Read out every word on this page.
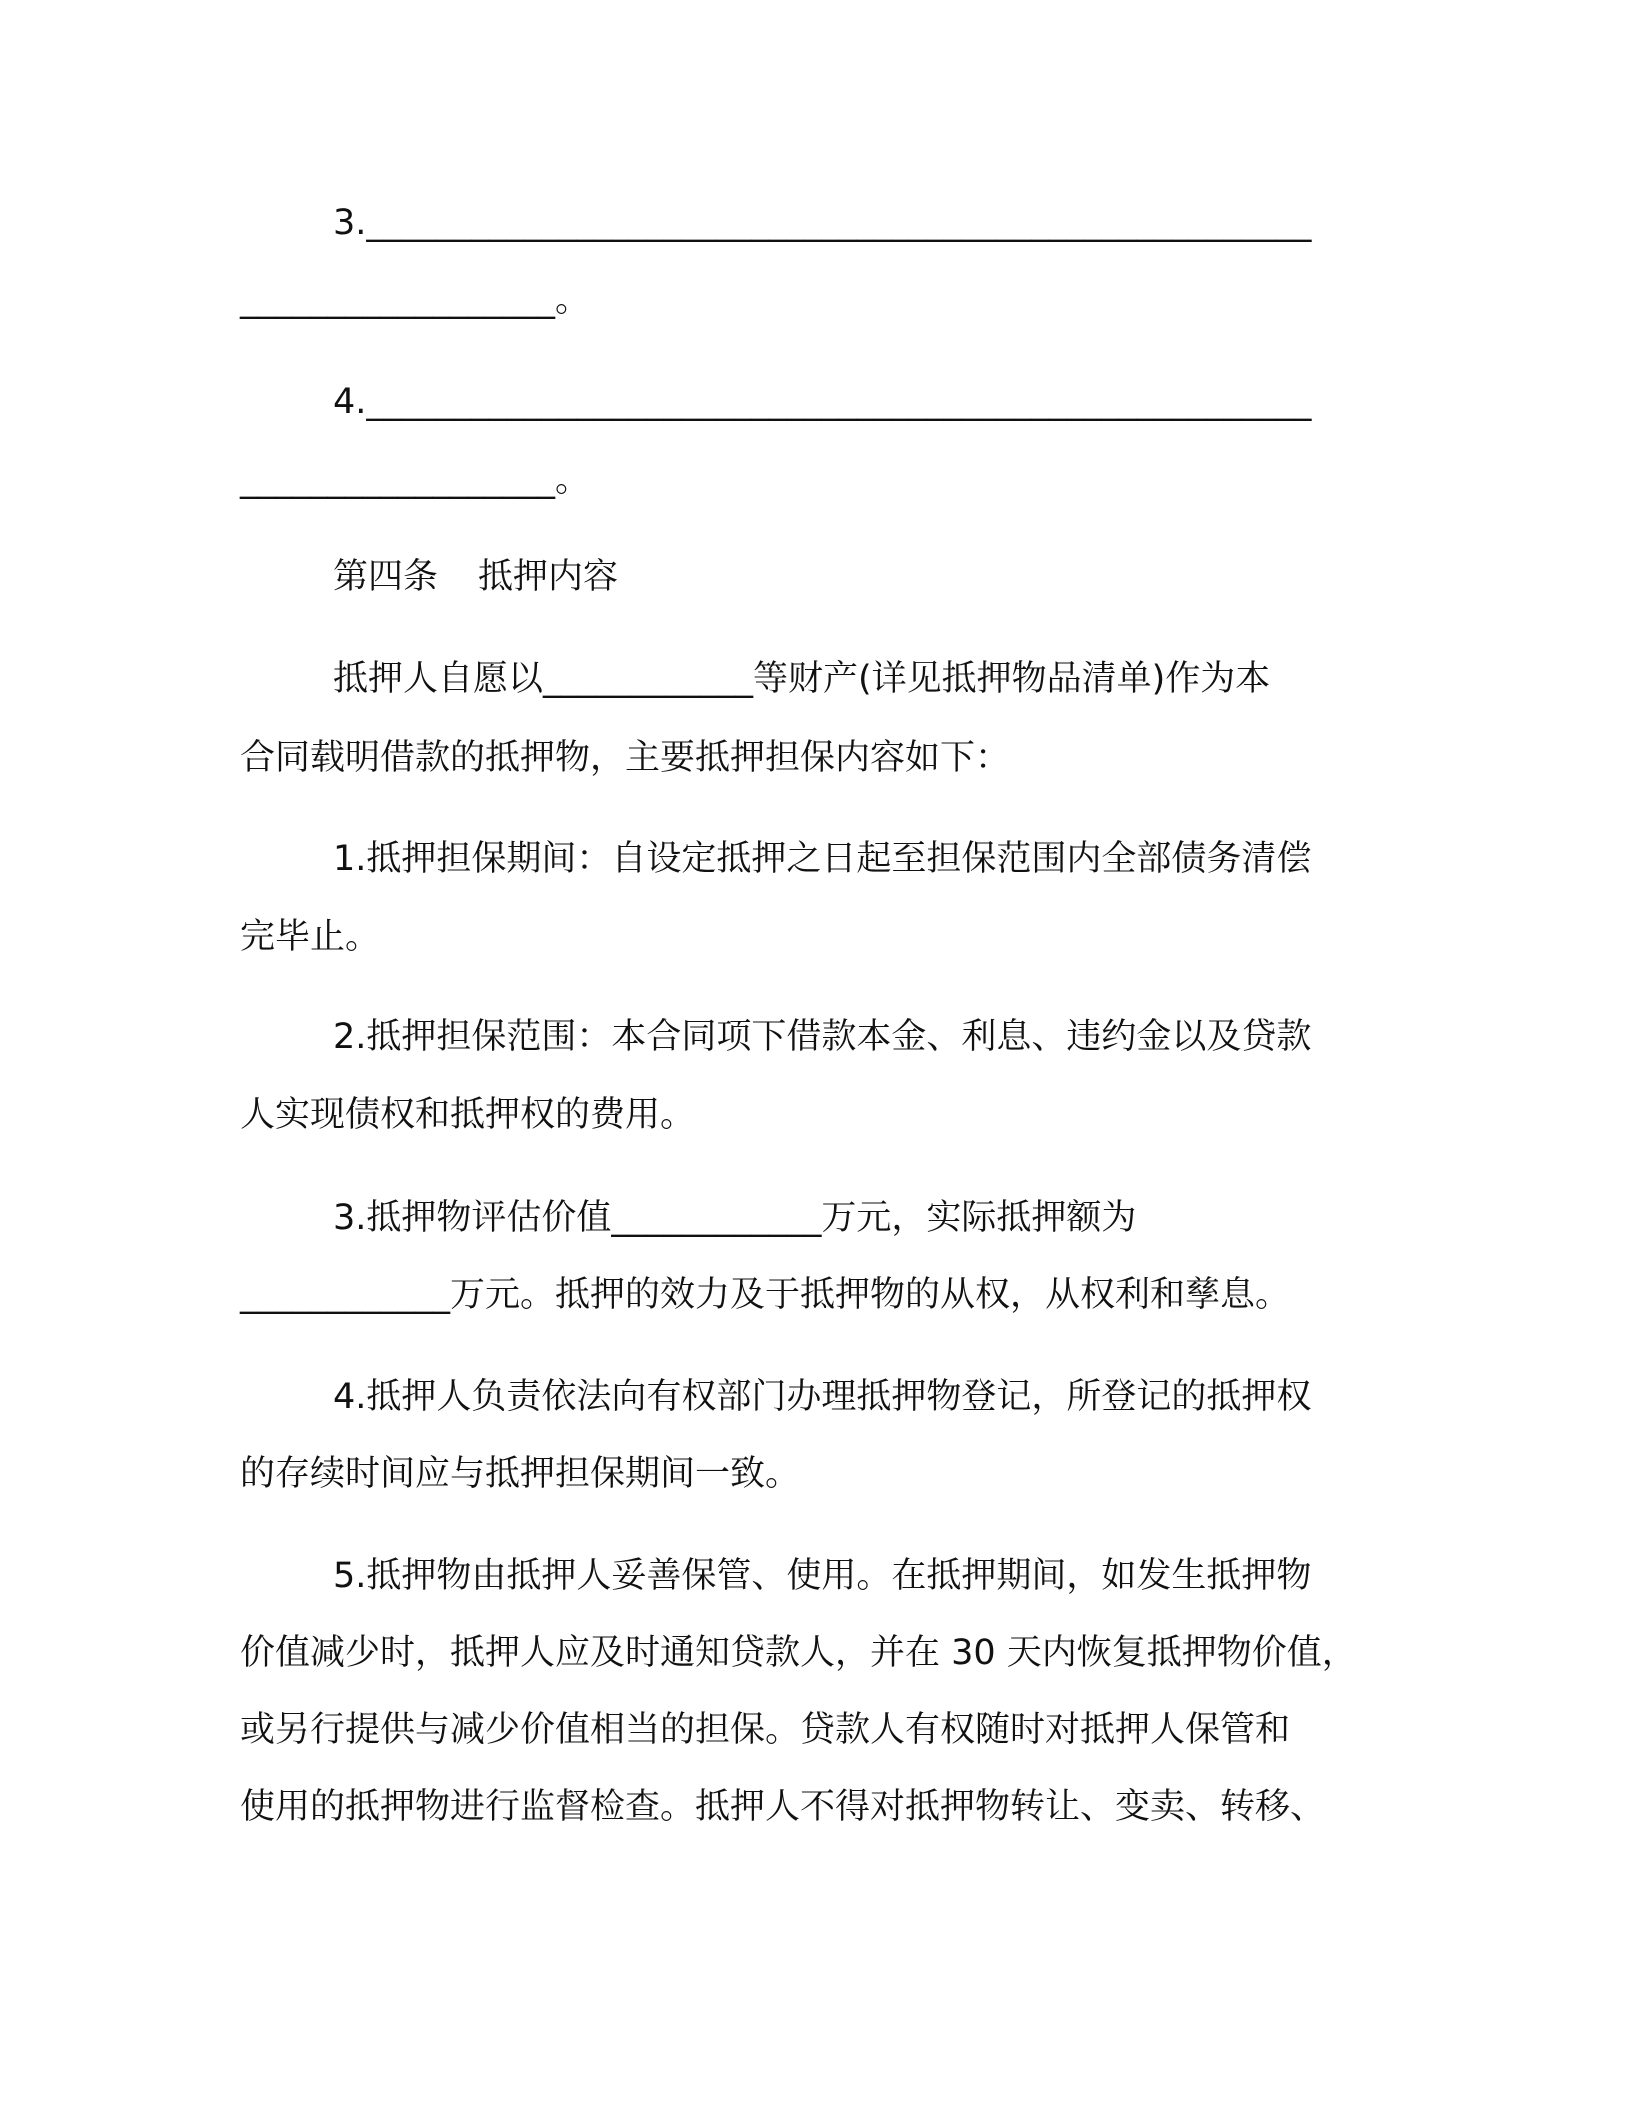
3.______________________________________________________
__________________。
4.______________________________________________________
__________________。
第四条 抵押内容
抵押人自愿以____________等财产(详见抵押物品清单)作为本
合同载明借款的抵押物，主要抵押担保内容如下：
1.抵押担保期间：自设定抵押之日起至担保范围内全部债务清偿
完毕止。
2.抵押担保范围：本合同项下借款本金、利息、违约金以及贷款
人实现债权和抵押权的费用。
3.抵押物评估价值____________万元，实际抵押额为
____________万元。抵押的效力及于抵押物的从权，从权利和孳息。
4.抵押人负责依法向有权部门办理抵押物登记，所登记的抵押权
的存续时间应与抵押担保期间一致。
5.抵押物由抵押人妥善保管、使用。在抵押期间，如发生抵押物
价值减少时，抵押人应及时通知贷款人，并在 30 天内恢复抵押物价值，
或另行提供与减少价值相当的担保。贷款人有权随时对抵押人保管和
使用的抵押物进行监督检查。抵押人不得对抵押物转让、变卖、转移、
